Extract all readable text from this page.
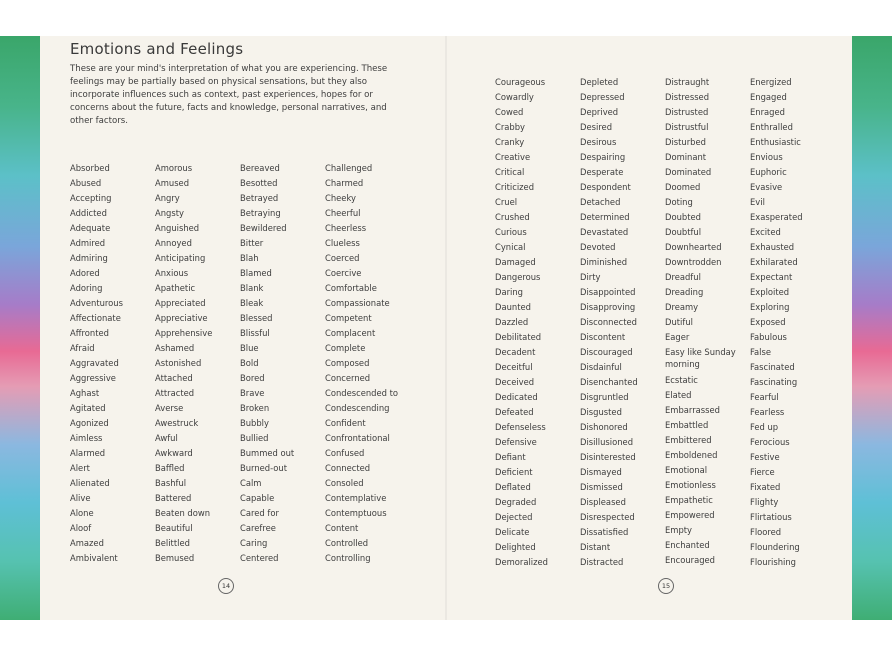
Emotions and Feelings

These are your mind's interpretation of what you are experiencing. These feelings may be partially based on physical sensations, but they also incorporate influences such as context, past experiences, hopes for or concerns about the future, facts and knowledge, personal narratives, and other factors.

Absorbed
Abused
Accepting
Addicted
Adequate
Admired
Admiring
Adored
Adoring
Adventurous
Affectionate
Affronted
Afraid
Aggravated
Aggressive
Aghast
Agitated
Agonized
Aimless
Alarmed
Alert
Alienated
Alive
Alone
Aloof
Amazed
Ambivalent
Amorous
Amused
Angry
Angsty
Anguished
Annoyed
Anticipating
Anxious
Apathetic
Appreciated
Appreciative
Apprehensive
Ashamed
Astonished
Attached
Attracted
Averse
Awestruck
Awful
Awkward
Baffled
Bashful
Battered
Beaten down
Beautiful
Belittled
Bemused
Bereaved
Besotted
Betrayed
Betraying
Bewildered
Bitter
Blah
Blamed
Blank
Bleak
Blessed
Blissful
Blue
Bold
Bored
Brave
Broken
Bubbly
Bullied
Bummed out
Burned-out
Calm
Capable
Cared for
Carefree
Caring
Centered
Challenged
Charmed
Cheeky
Cheerful
Cheerless
Clueless
Coerced
Coercive
Comfortable
Compassionate
Competent
Complacent
Complete
Composed
Concerned
Condescended to
Condescending
Confident
Confrontational
Confused
Connected
Consoled
Contemplative
Contemptuous
Content
Controlled
Controlling
Courageous
Cowardly
Cowed
Crabby
Cranky
Creative
Critical
Criticized
Cruel
Crushed
Curious
Cynical
Damaged
Dangerous
Daring
Daunted
Dazzled
Debilitated
Decadent
Deceitful
Deceived
Dedicated
Defeated
Defenseless
Defensive
Defiant
Deficient
Deflated
Degraded
Dejected
Delicate
Delighted
Demoralized
Depleted
Depressed
Deprived
Desired
Desirous
Despairing
Desperate
Despondent
Detached
Determined
Devastated
Devoted
Diminished
Dirty
Disappointed
Disapproving
Disconnected
Discontent
Discouraged
Disdainful
Disenchanted
Disgruntled
Disgusted
Dishonored
Disillusioned
Disinterested
Dismayed
Dismissed
Displeased
Disrespected
Dissatisfied
Distant
Distracted
Distraught
Distressed
Distrusted
Distrustful
Disturbed
Dominant
Dominated
Doomed
Doting
Doubted
Doubtful
Downhearted
Downtrodden
Dreadful
Dreading
Dreamy
Dutiful
Eager
Easy like Sunday morning
Ecstatic
Elated
Embarrassed
Embattled
Embittered
Emboldened
Emotional
Emotionless
Empathetic
Empowered
Empty
Enchanted
Encouraged
Energized
Engaged
Enraged
Enthralled
Enthusiastic
Envious
Euphoric
Evasive
Evil
Exasperated
Excited
Exhausted
Exhilarated
Expectant
Exploited
Exploring
Exposed
Fabulous
False
Fascinated
Fascinating
Fearful
Fearless
Fed up
Ferocious
Festive
Fierce
Fixated
Flighty
Flirtatious
Floored
Floundering
Flourishing
14	15
